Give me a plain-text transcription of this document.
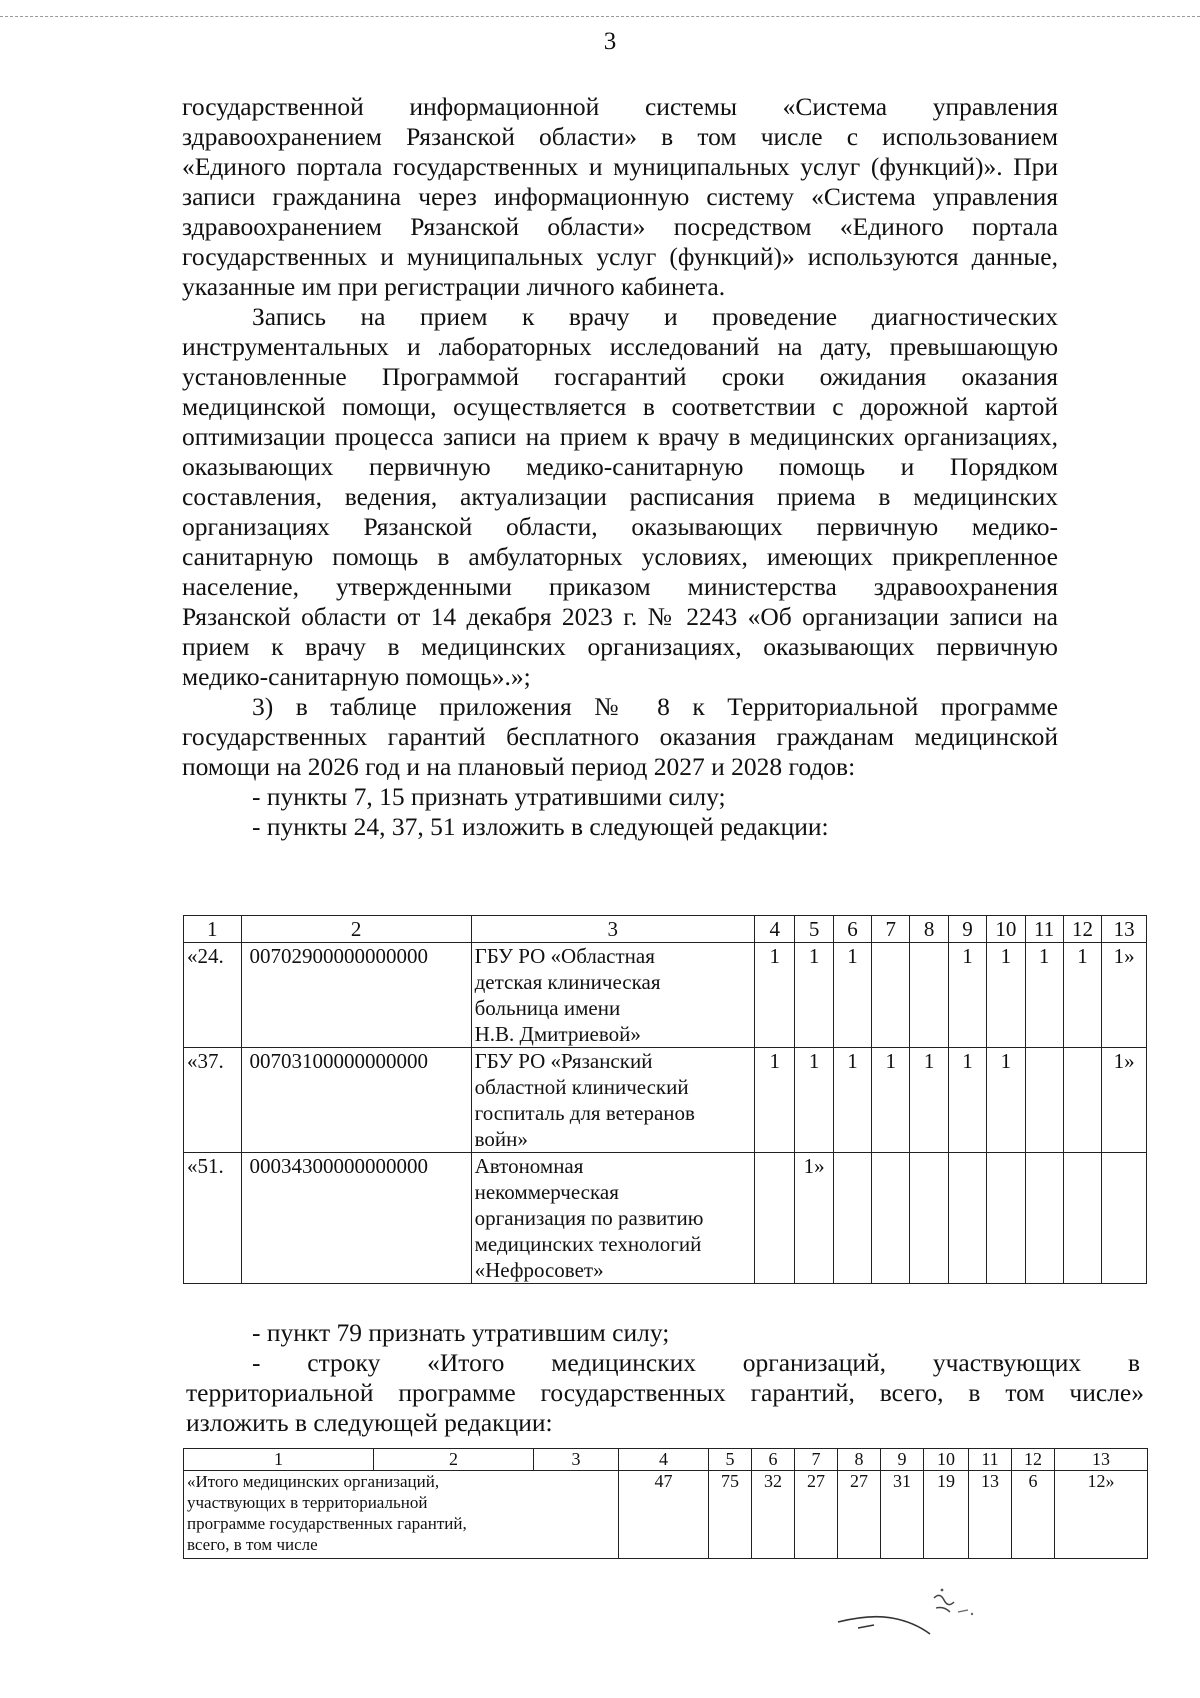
3
государственной информационной системы «Система управления
здравоохранением Рязанской области» в том числе с использованием
«Единого портала государственных и муниципальных услуг (функций)». При
записи гражданина через информационную систему «Система управления
здравоохранением Рязанской области» посредством «Единого портала
государственных и муниципальных услуг (функций)» используются данные,
указанные им при регистрации личного кабинета.
Запись на прием к врачу и проведение диагностических
инструментальных и лабораторных исследований на дату, превышающую
установленные Программой госгарантий сроки ожидания оказания
медицинской помощи, осуществляется в соответствии с дорожной картой
оптимизации процесса записи на прием к врачу в медицинских организациях,
оказывающих первичную медико-санитарную помощь и Порядком
составления, ведения, актуализации расписания приема в медицинских
организациях Рязанской области, оказывающих первичную медико-
санитарную помощь в амбулаторных условиях, имеющих прикрепленное
население, утвержденными приказом министерства здравоохранения
Рязанской области от 14 декабря 2023 г. № 2243 «Об организации записи на
прием к врачу в медицинских организациях, оказывающих первичную
медико-санитарную помощь».»;
3) в таблице приложения № 8 к Территориальной программе
государственных гарантий бесплатного оказания гражданам медицинской
помощи на 2026 год и на плановый период 2027 и 2028 годов:
- пункты 7, 15 признать утратившими силу;
- пункты 24, 37, 51 изложить в следующей редакции:
1	2	3	4	5	6	7	8	9	10	11	12	13
«24.	00702900000000000	ГБУ РО «Областная
детская клиническая
больница имени
Н.В. Дмитриевой»	1	1	1			1	1	1	1	1»
«37.	00703100000000000	ГБУ РО «Рязанский
областной клинический
госпиталь для ветеранов
войн»	1	1	1	1	1	1	1			1»
«51.	00034300000000000	Автономная
некоммерческая
организация по развитию
медицинских технологий
«Нефросовет»		1»								
- пункт 79 признать утратившим силу;
- строку «Итого медицинских организаций, участвующих в
территориальной программе государственных гарантий, всего, в том числе»
изложить в следующей редакции:
1	2	3	4	5	6	7	8	9	10	11	12	13

«Итого медицинских организаций,
участвующих в территориальной
программе государственных гарантий,
всего, в том числе			47	75	32	27	27	31	19	13	6	12»
